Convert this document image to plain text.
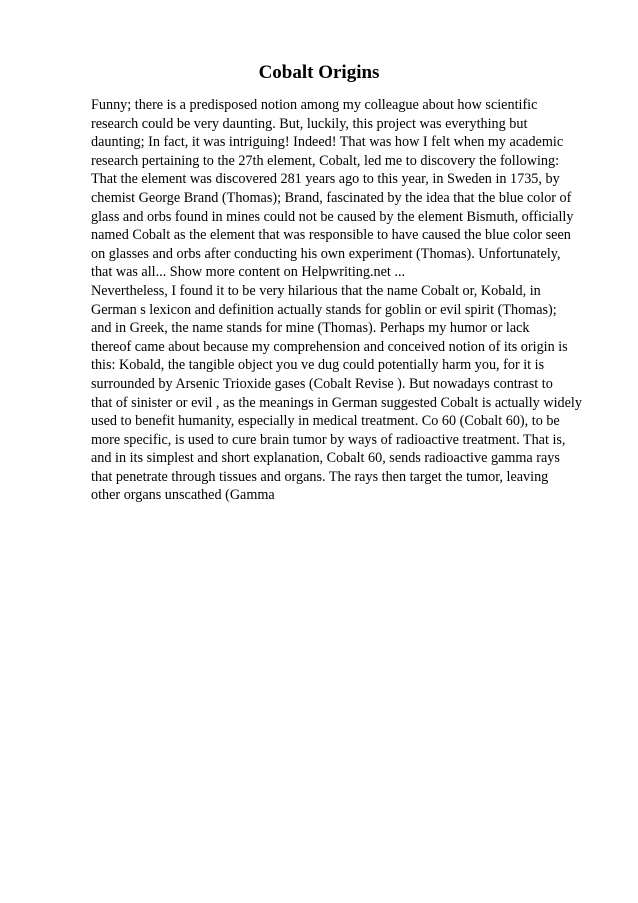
Cobalt Origins
Funny; there is a predisposed notion among my colleague about how scientific
research could be very daunting. But, luckily, this project was everything but
daunting; In fact, it was intriguing! Indeed! That was how I felt when my academic
research pertaining to the 27th element, Cobalt, led me to discovery the following:
That the element was discovered 281 years ago to this year, in Sweden in 1735, by
chemist George Brand (Thomas); Brand, fascinated by the idea that the blue color of
glass and orbs found in mines could not be caused by the element Bismuth, officially
named Cobalt as the element that was responsible to have caused the blue color seen
on glasses and orbs after conducting his own experiment (Thomas). Unfortunately,
that was all... Show more content on Helpwriting.net ...
Nevertheless, I found it to be very hilarious that the name Cobalt or, Kobald, in
German s lexicon and definition actually stands for goblin or evil spirit (Thomas);
and in Greek, the name stands for mine (Thomas). Perhaps my humor or lack
thereof came about because my comprehension and conceived notion of its origin is
this: Kobald, the tangible object you ve dug could potentially harm you, for it is
surrounded by Arsenic Trioxide gases (Cobalt Revise ). But nowadays contrast to
that of sinister or evil , as the meanings in German suggested Cobalt is actually widely
used to benefit humanity, especially in medical treatment. Co 60 (Cobalt 60), to be
more specific, is used to cure brain tumor by ways of radioactive treatment. That is,
and in its simplest and short explanation, Cobalt 60, sends radioactive gamma rays
that penetrate through tissues and organs. The rays then target the tumor, leaving
other organs unscathed (Gamma
